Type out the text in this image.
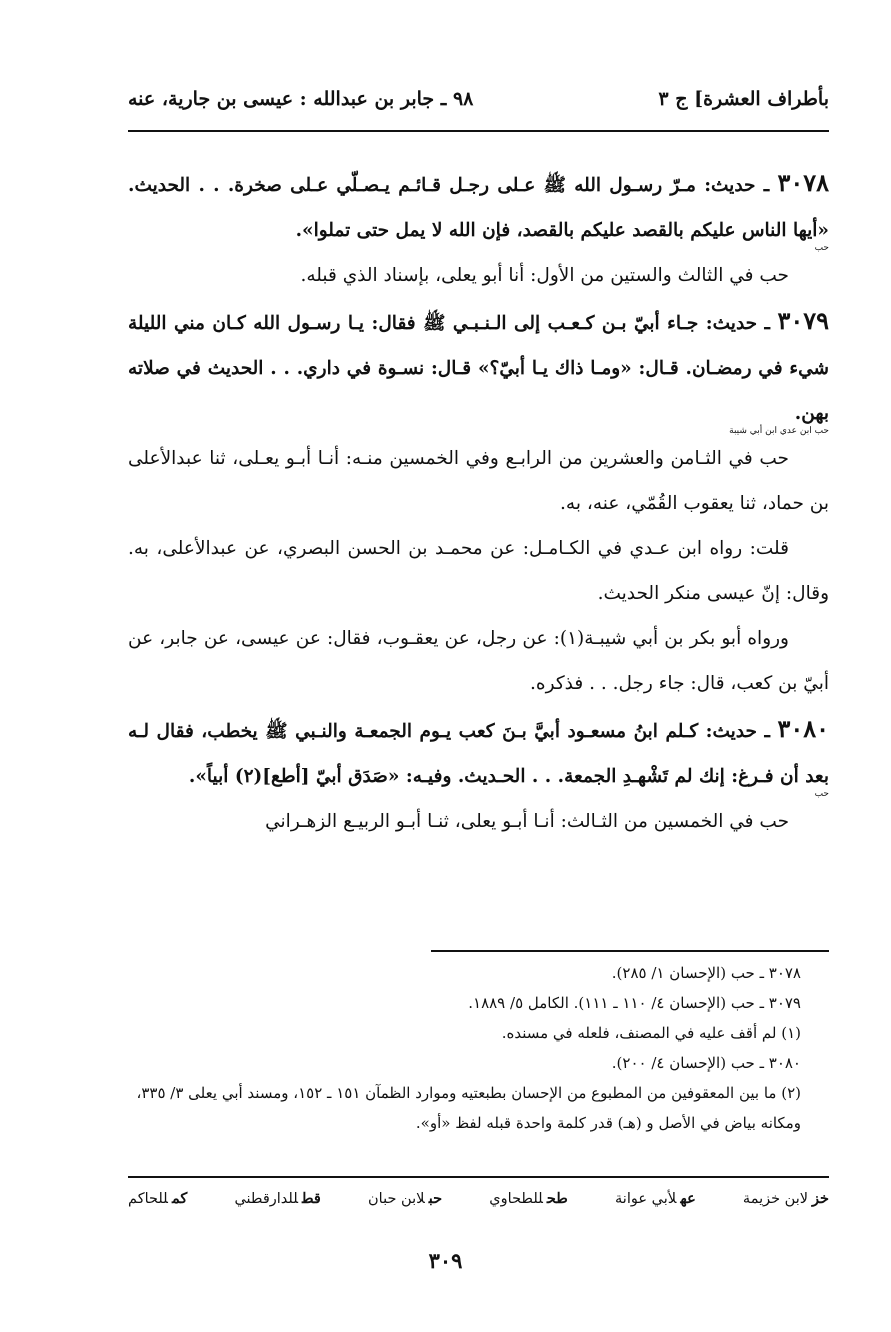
بأطراف العشرة] ج ٣
٩٨ ـ جابر بن عبدالله : عيسى بن جارية، عنه

٣٠٧٨ ـ حديث: مـرّ رسـول الله ﷺ عـلى رجـل قـائـم يـصـلّي عـلى صخرة. . . الحديث. «أيها الناس عليكم بالقصد عليكم بالقصد، فإن الله لا يمل حتى تملوا».

حب

حب في الثالث والستين من الأول: أنا أبو يعلى، بإسناد الذي قبله.

٣٠٧٩ ـ حديث: جـاء أبيّ بـن كـعـب إلى الـنـبـي ﷺ فقال: يـا رسـول الله كـان مني الليلة شيء في رمضـان. قـال: «ومـا ذاك يـا أبيّ؟» قـال: نسـوة في داري. . . الحديث في صلاته بهن.

حب ابن عدي ابن أبي شيبة

حب في الثـامن والعشرين من الرابـع وفي الخمسين منـه: أنـا أبـو يعـلى، ثنا عبدالأعلى بن حماد، ثنا يعقوب القُمّي، عنه، به.

قلت: رواه ابن عـدي في الكـامـل: عن محمـد بن الحسن البصري، عن عبدالأعلى، به. وقال: إنّ عيسى منكر الحديث.

ورواه أبو بكر بن أبي شيبـة(١): عن رجل، عن يعقـوب، فقال: عن عيسى، عن جابر، عن أبيّ بن كعب، قال: جاء رجل. . . فذكره.

٣٠٨٠ ـ حديث: كـلم ابنُ مسعـود أبيَّ بـنَ كعب يـوم الجمعـة والنـبي ﷺ يخطب، فقال لـه بعد أن فـرغ: إنك لم تَشْهـدِ الجمعة. . . الحـديث. وفيـه: «صَدَق أبيّ [أطع](٢) أبياً».

حب

حب في الخمسين من الثـالث: أنـا أبـو يعلى، ثنـا أبـو الربيـع الزهـراني

٣٠٧٨ ـ حب (الإحسان ١/ ٢٨٥).
٣٠٧٩ ـ حب (الإحسان ٤/ ١١٠ ـ ١١١). الكامل ٥/ ١٨٨٩.
(١) لم أقف عليه في المصنف، فلعله في مسنده.
٣٠٨٠ ـ حب (الإحسان ٤/ ٢٠٠).
(٢) ما بين المعقوفين من المطبوع من الإحسان بطبعتيه وموارد الظمآن ١٥١ ـ ١٥٢، ومسند أبي يعلى ٣/ ٣٣٥، ومكانه بياض في الأصل و (هـ) قدر كلمة واحدة قبله لفظ «أو».
خزلابن خزيمة
عهلأبي عوانة
طحللطحاوي
حبلابن حبان
قطللدارقطني
كمللحاكم
٣٠٩
